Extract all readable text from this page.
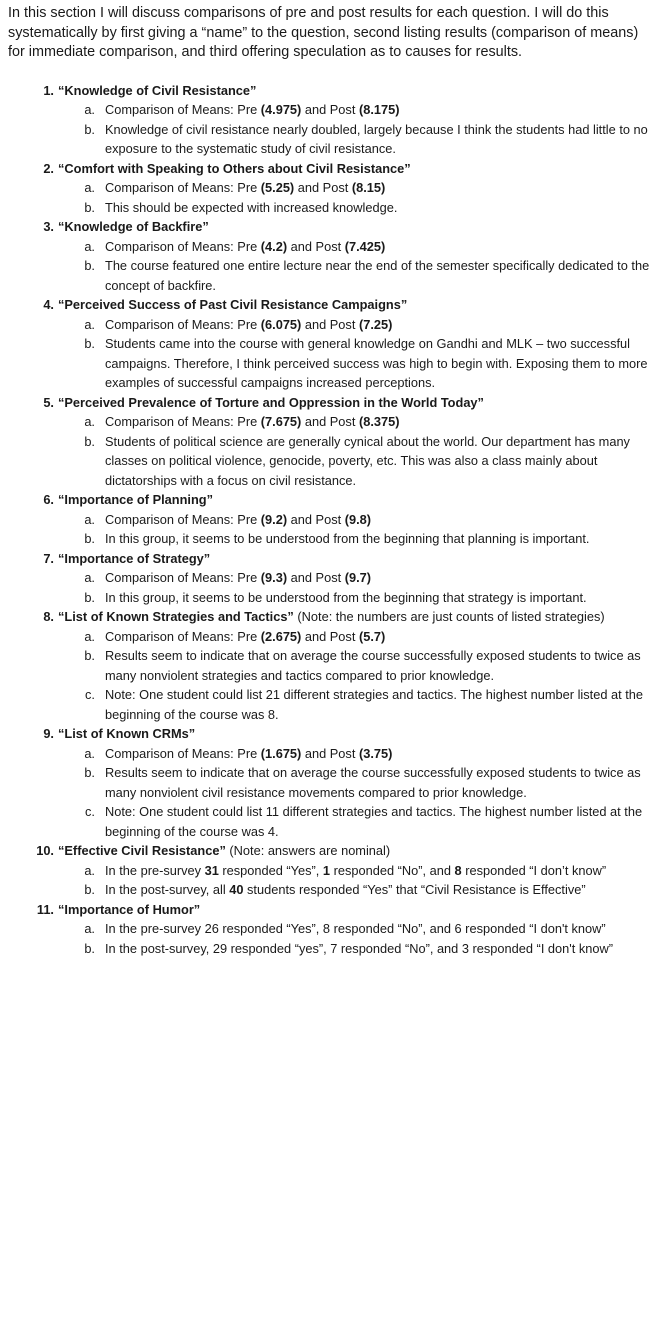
In this section I will discuss comparisons of pre and post results for each question. I will do this systematically by first giving a “name” to the question, second listing results (comparison of means) for immediate comparison, and third offering speculation as to causes for results.

1. “Knowledge of Civil Resistance”
a. Comparison of Means: Pre (4.975) and Post (8.175)
b. Knowledge of civil resistance nearly doubled, largely because I think the students had little to no exposure to the systematic study of civil resistance.
2. “Comfort with Speaking to Others about Civil Resistance”
a. Comparison of Means: Pre (5.25) and Post (8.15)
b. This should be expected with increased knowledge.
3. “Knowledge of Backfire”
a. Comparison of Means: Pre (4.2) and Post (7.425)
b. The course featured one entire lecture near the end of the semester specifically dedicated to the concept of backfire.
4. “Perceived Success of Past Civil Resistance Campaigns”
a. Comparison of Means: Pre (6.075) and Post (7.25)
b. Students came into the course with general knowledge on Gandhi and MLK – two successful campaigns. Therefore, I think perceived success was high to begin with. Exposing them to more examples of successful campaigns increased perceptions.
5. “Perceived Prevalence of Torture and Oppression in the World Today”
a. Comparison of Means: Pre (7.675) and Post (8.375)
b. Students of political science are generally cynical about the world. Our department has many classes on political violence, genocide, poverty, etc. This was also a class mainly about dictatorships with a focus on civil resistance.
6. “Importance of Planning”
a. Comparison of Means: Pre (9.2) and Post (9.8)
b. In this group, it seems to be understood from the beginning that planning is important.
7. “Importance of Strategy”
a. Comparison of Means: Pre (9.3) and Post (9.7)
b. In this group, it seems to be understood from the beginning that strategy is important.
8. “List of Known Strategies and Tactics” (Note: the numbers are just counts of listed strategies)
a. Comparison of Means: Pre (2.675) and Post (5.7)
b. Results seem to indicate that on average the course successfully exposed students to twice as many nonviolent strategies and tactics compared to prior knowledge.
c. Note: One student could list 21 different strategies and tactics. The highest number listed at the beginning of the course was 8.
9. “List of Known CRMs”
a. Comparison of Means: Pre (1.675) and Post (3.75)
b. Results seem to indicate that on average the course successfully exposed students to twice as many nonviolent civil resistance movements compared to prior knowledge.
c. Note: One student could list 11 different strategies and tactics. The highest number listed at the beginning of the course was 4.
10. “Effective Civil Resistance” (Note: answers are nominal)
a. In the pre-survey 31 responded “Yes”, 1 responded “No”, and 8 responded “I don’t know”
b. In the post-survey, all 40 students responded “Yes” that “Civil Resistance is Effective”
11. “Importance of Humor”
a. In the pre-survey 26 responded “Yes”, 8 responded “No”, and 6 responded “I don't know”
b. In the post-survey, 29 responded “yes”, 7 responded “No”, and 3 responded “I don't know”
